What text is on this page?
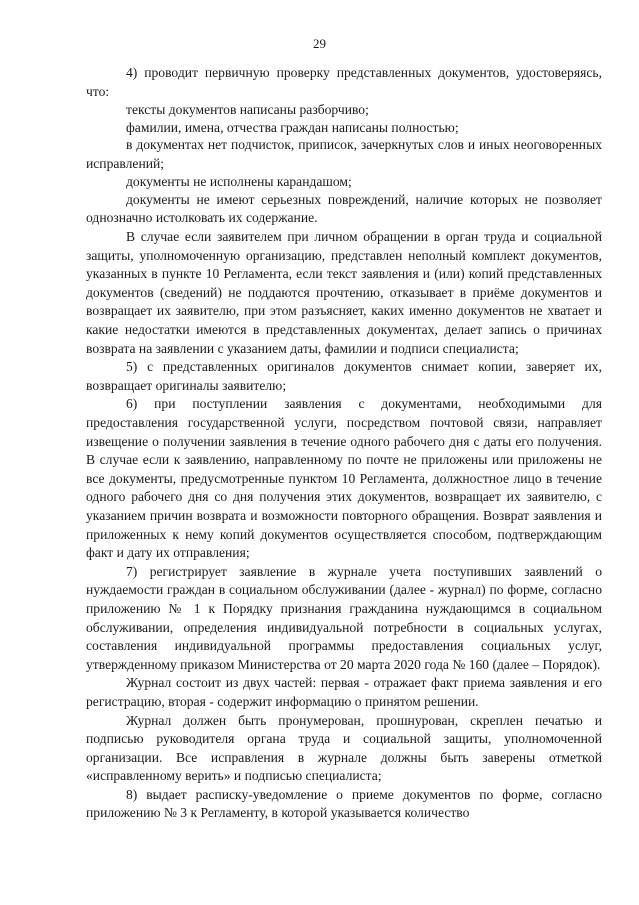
29

4) проводит первичную проверку представленных документов, удостоверяясь, что:

тексты документов написаны разборчиво;

фамилии, имена, отчества граждан написаны полностью;

в документах нет подчисток, приписок, зачеркнутых слов и иных неоговоренных исправлений;

документы не исполнены карандашом;

документы не имеют серьезных повреждений, наличие которых не позволяет однозначно истолковать их содержание.

В случае если заявителем при личном обращении в орган труда и социальной защиты, уполномоченную организацию, представлен неполный комплект документов, указанных в пункте 10 Регламента, если текст заявления и (или) копий представленных документов (сведений) не поддаются прочтению, отказывает в приёме документов и возвращает их заявителю, при этом разъясняет, каких именно документов не хватает и какие недостатки имеются в представленных документах, делает запись о причинах возврата на заявлении с указанием даты, фамилии и подписи специалиста;

5) с представленных оригиналов документов снимает копии, заверяет их, возвращает оригиналы заявителю;

6) при поступлении заявления с документами, необходимыми для предоставления государственной услуги, посредством почтовой связи, направляет извещение о получении заявления в течение одного рабочего дня с даты его получения. В случае если к заявлению, направленному по почте не приложены или приложены не все документы, предусмотренные пунктом 10 Регламента, должностное лицо в течение одного рабочего дня со дня получения этих документов, возвращает их заявителю, с указанием причин возврата и возможности повторного обращения. Возврат заявления и приложенных к нему копий документов осуществляется способом, подтверждающим факт и дату их отправления;

7) регистрирует заявление в журнале учета поступивших заявлений о нуждаемости граждан в социальном обслуживании (далее - журнал) по форме, согласно приложению № 1 к Порядку признания гражданина нуждающимся в социальном обслуживании, определения индивидуальной потребности в социальных услугах, составления индивидуальной программы предоставления социальных услуг, утвержденному приказом Министерства от 20 марта 2020 года № 160 (далее – Порядок).

Журнал состоит из двух частей: первая - отражает факт приема заявления и его регистрацию, вторая - содержит информацию о принятом решении.

Журнал должен быть пронумерован, прошнурован, скреплен печатью и подписью руководителя органа труда и социальной защиты, уполномоченной организации. Все исправления в журнале должны быть заверены отметкой «исправленному верить» и подписью специалиста;

8) выдает расписку-уведомление о приеме документов по форме, согласно приложению № 3 к Регламенту, в которой указывается количество
